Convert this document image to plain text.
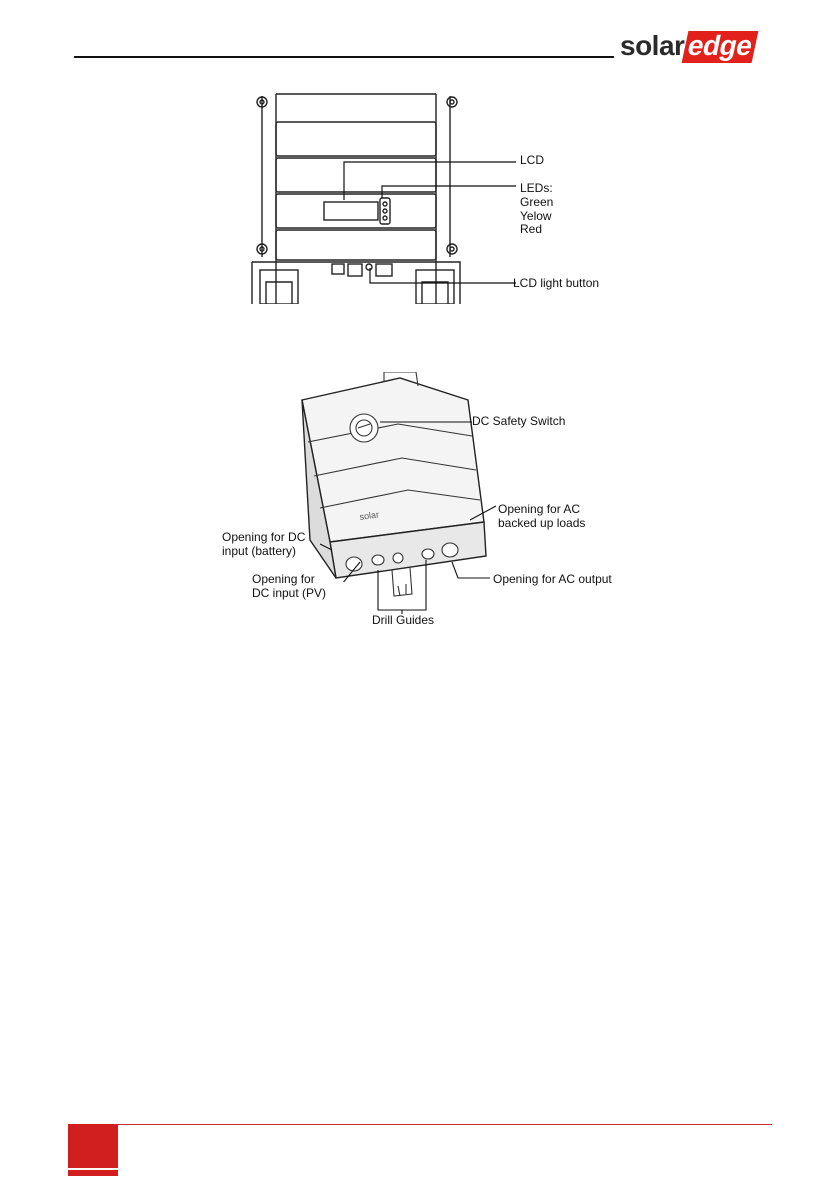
solar edge
LCD
LEDs:
Green
Yelow
Red
LCD light button
solar
DC Safety Switch
Opening for AC
backed up loads
Opening for DC
input (battery)
Opening for
DC input (PV)
Opening for AC output
Drill Guides
